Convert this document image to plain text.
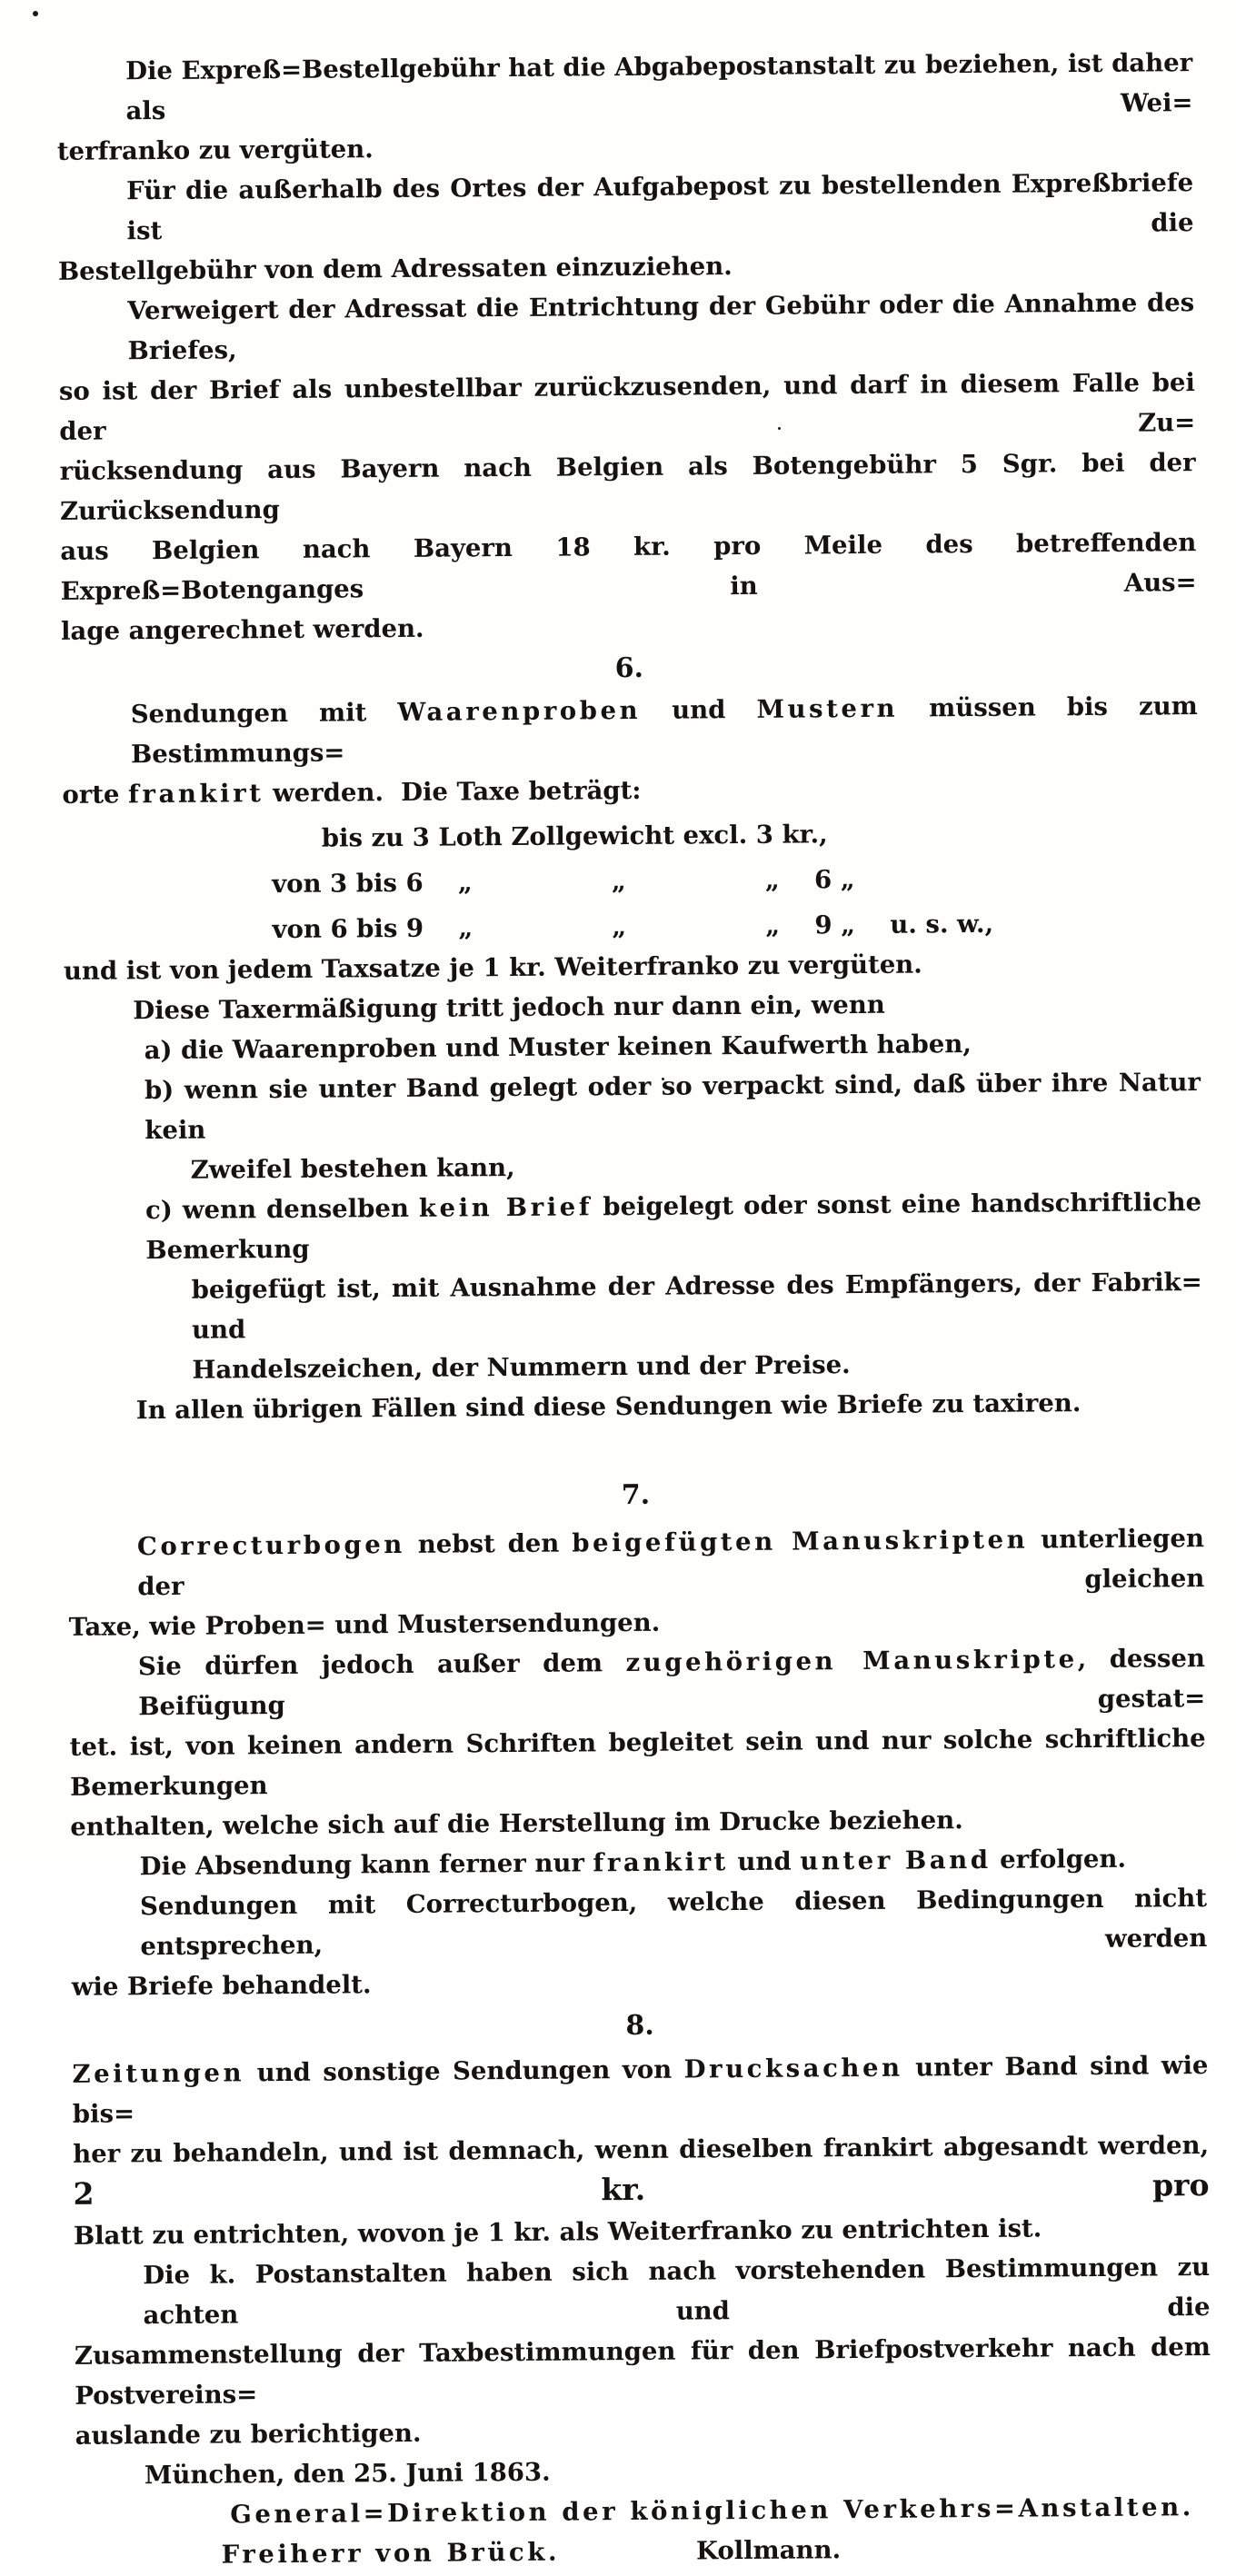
Die Expreß=Bestellgebühr hat die Abgabepostanstalt zu beziehen, ist daher als Wei=
terfranko zu vergüten.
Für die außerhalb des Ortes der Aufgabepost zu bestellenden Expreßbriefe ist die
Bestellgebühr von dem Adressaten einzuziehen.
Verweigert der Adressat die Entrichtung der Gebühr oder die Annahme des Briefes,
so ist der Brief als unbestellbar zurückzusenden, und darf in diesem Falle bei der Zu=
rücksendung aus Bayern nach Belgien als Botengebühr 5 Sgr. bei der Zurücksendung
aus Belgien nach Bayern 18 kr. pro Meile des betreffenden Expreß=Botenganges in Aus=
lage angerechnet werden.
6.
Sendungen mit Waarenproben und Mustern müssen bis zum Bestimmungs=
orte frankirt werden.  Die Taxe beträgt:
bis zu 3 Loth Zollgewicht excl. 3 kr.,
von 3 bis 6    „                „                „    6 „
von 6 bis 9    „                „                „    9 „    u. s. w.,
und ist von jedem Taxsatze je 1 kr. Weiterfranko zu vergüten.
Diese Taxermäßigung tritt jedoch nur dann ein, wenn
a) die Waarenproben und Muster keinen Kaufwerth haben,
b) wenn sie unter Band gelegt oder so verpackt sind, daß über ihre Natur kein
Zweifel bestehen kann,
c) wenn denselben kein Brief beigelegt oder sonst eine handschriftliche Bemerkung
beigefügt ist, mit Ausnahme der Adresse des Empfängers, der Fabrik= und
Handelszeichen, der Nummern und der Preise.
In allen übrigen Fällen sind diese Sendungen wie Briefe zu taxiren.
7.
Correcturbogen nebst den beigefügten Manuskripten unterliegen der gleichen
Taxe, wie Proben= und Mustersendungen.
Sie dürfen jedoch außer dem zugehörigen Manuskripte, dessen Beifügung gestat=
tet. ist, von keinen andern Schriften begleitet sein und nur solche schriftliche Bemerkungen
enthalten, welche sich auf die Herstellung im Drucke beziehen.
Die Absendung kann ferner nur frankirt und unter Band erfolgen.
Sendungen mit Correcturbogen, welche diesen Bedingungen nicht entsprechen, werden
wie Briefe behandelt.
8.
Zeitungen und sonstige Sendungen von Drucksachen unter Band sind wie bis=
her zu behandeln, und ist demnach, wenn dieselben frankirt abgesandt werden, 2 kr. pro
Blatt zu entrichten, wovon je 1 kr. als Weiterfranko zu entrichten ist.
Die k. Postanstalten haben sich nach vorstehenden Bestimmungen zu achten und die
Zusammenstellung der Taxbestimmungen für den Briefpostverkehr nach dem Postvereins=
auslande zu berichtigen.
München, den 25. Juni 1863.
General=Direktion der königlichen Verkehrs=Anstalten.
Freiherr von Brück.	Kollmann.
